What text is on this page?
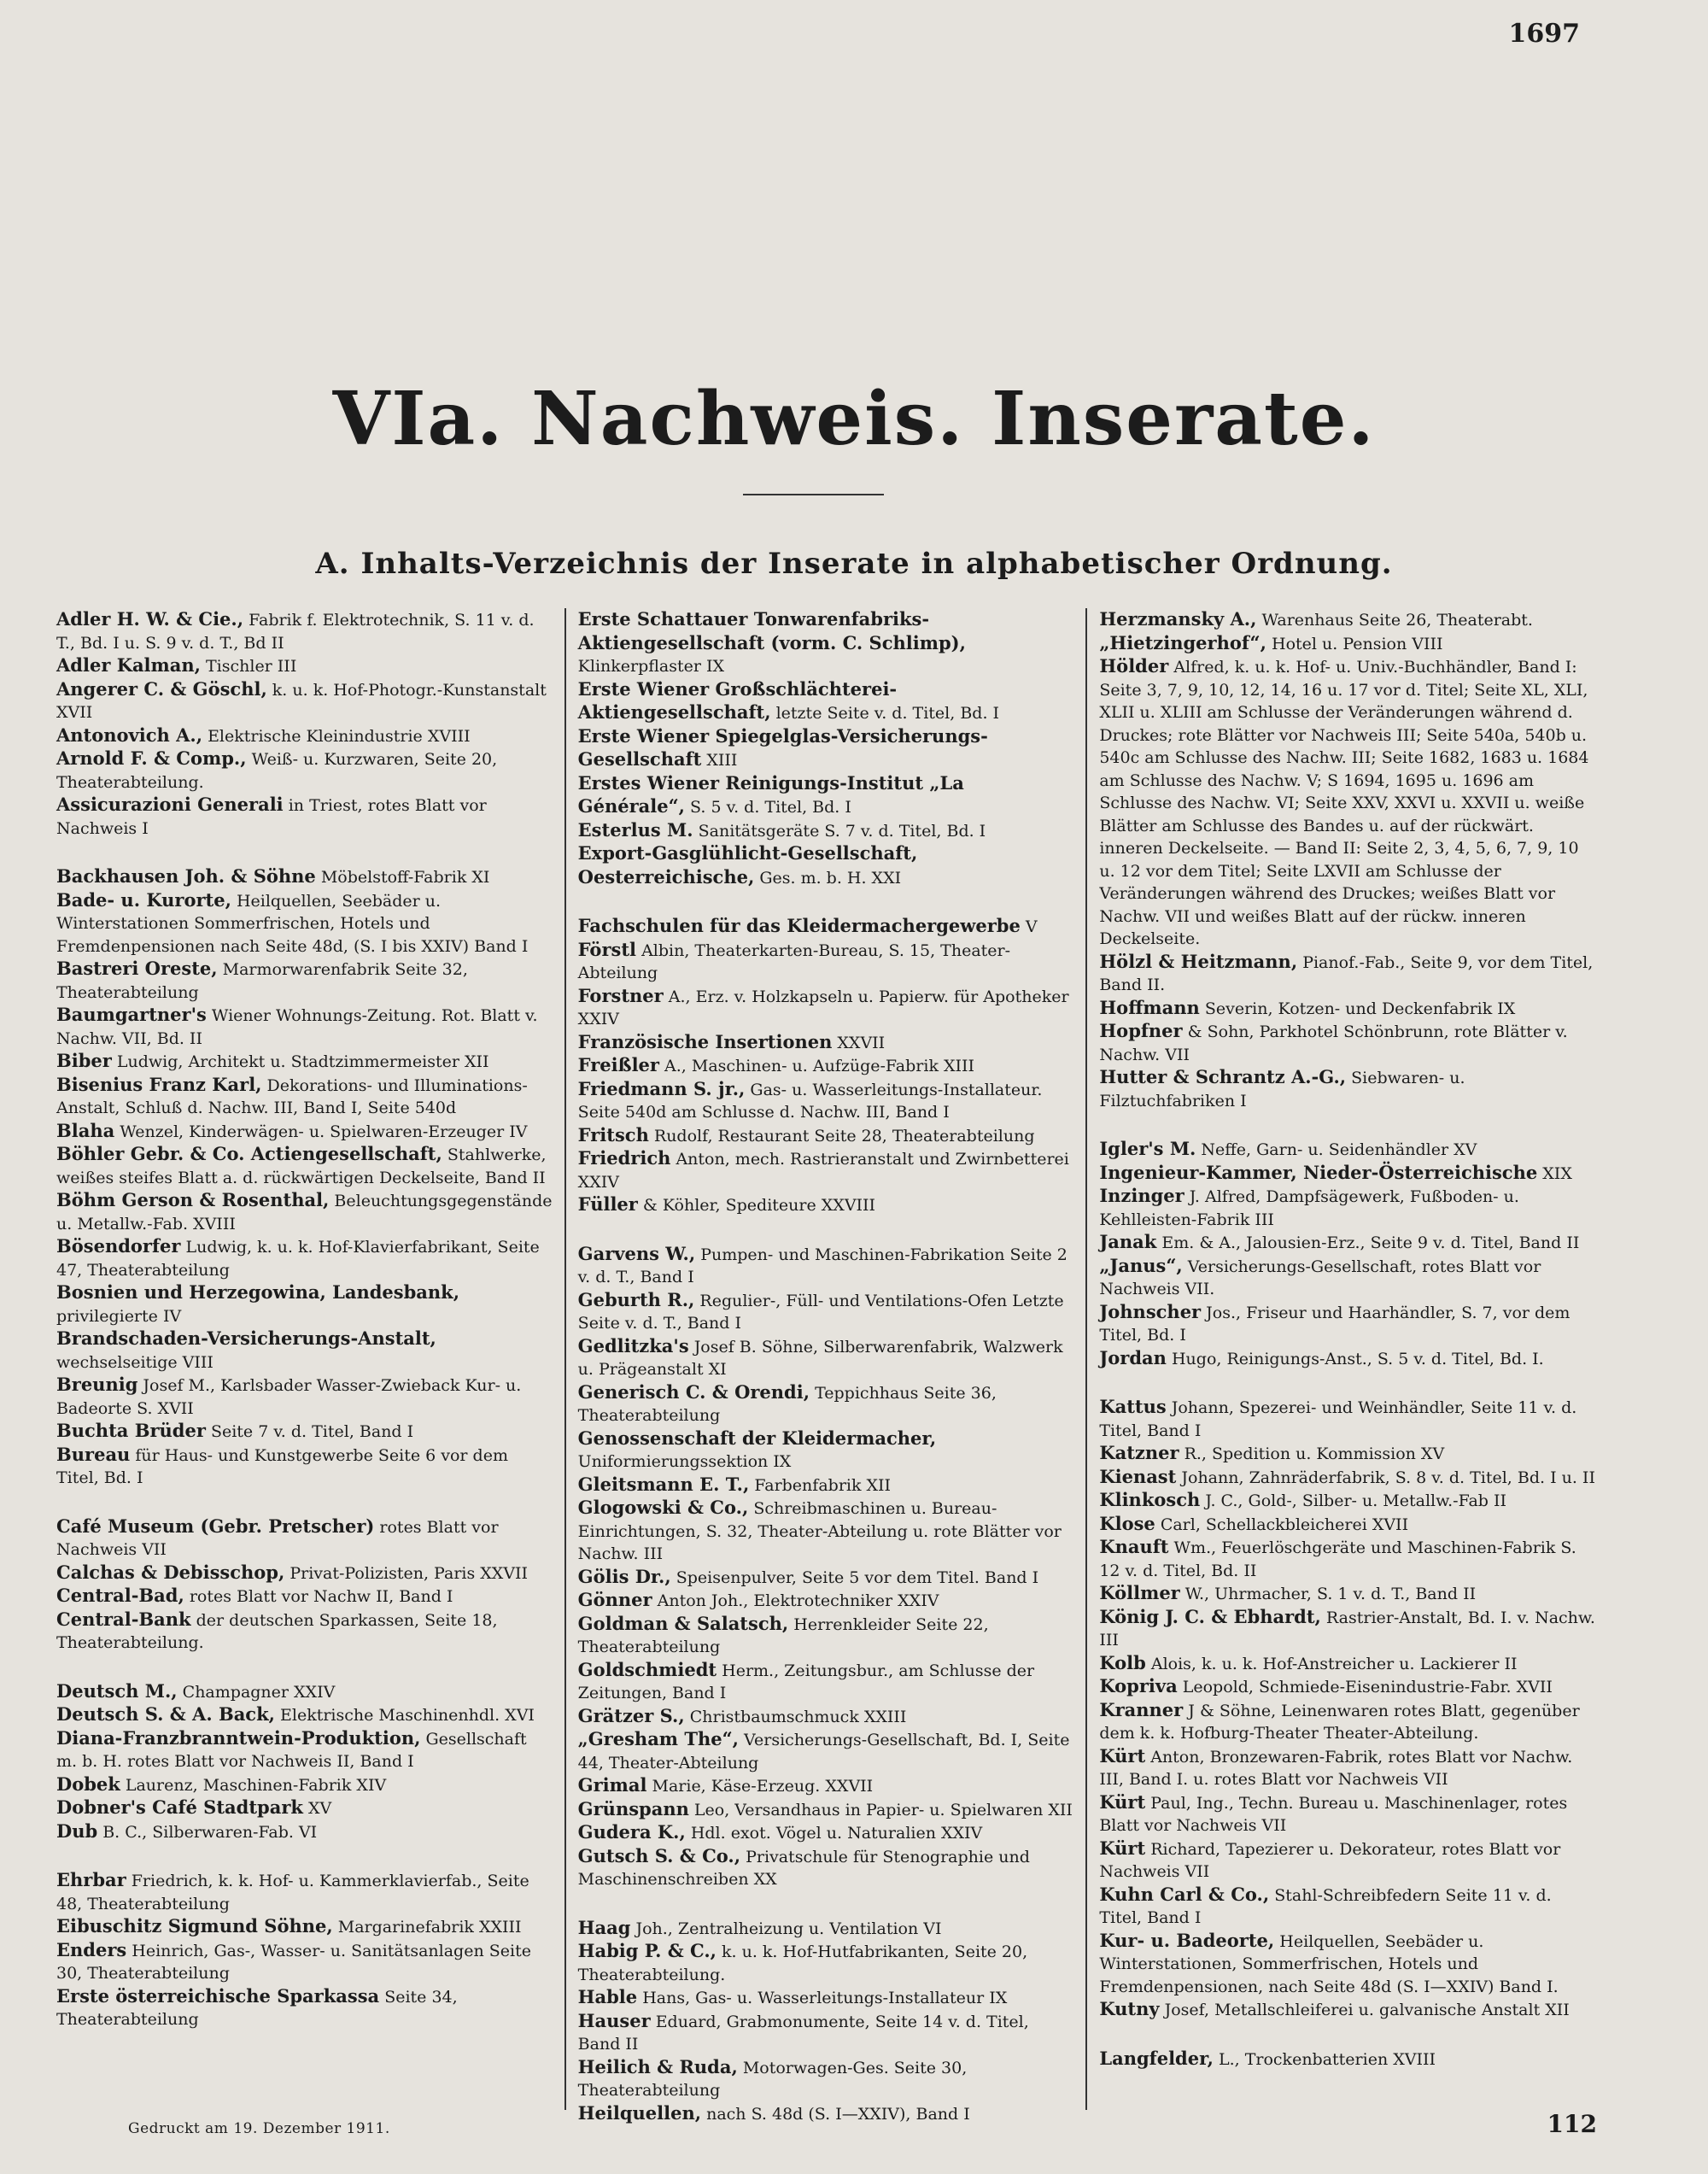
1697
VIa. Nachweis. Inserate.
A. Inhalts-Verzeichnis der Inserate in alphabetischer Ordnung.

Adler H. W. & Cie., Fabrik f. Elektrotechnik, S. 11 v. d. T., Bd. I u. S. 9 v. d. T., Bd II

Adler Kalman, Tischler III

Angerer C. & Göschl, k. u. k. Hof-Photogr.-Kunstanstalt XVII

Antonovich A., Elektrische Kleinindustrie XVIII

Arnold F. & Comp., Weiß- u. Kurzwaren, Seite 20, Theaterabteilung.

Assicurazioni Generali in Triest, rotes Blatt vor Nachweis I

Backhausen Joh. & Söhne Möbelstoff-Fabrik XI

Bade- u. Kurorte, Heilquellen, Seebäder u. Winterstationen Sommerfrischen, Hotels und Fremdenpensionen nach Seite 48d, (S. I bis XXIV) Band I

Bastreri Oreste, Marmorwarenfabrik Seite 32, Theaterabteilung

Baumgartner's Wiener Wohnungs-Zeitung. Rot. Blatt v. Nachw. VII, Bd. II

Biber Ludwig, Architekt u. Stadtzimmermeister XII

Bisenius Franz Karl, Dekorations- und Illuminations-Anstalt, Schluß d. Nachw. III, Band I, Seite 540d

Blaha Wenzel, Kinderwägen- u. Spielwaren-Erzeuger IV

Böhler Gebr. & Co. Actiengesellschaft, Stahlwerke, weißes steifes Blatt a. d. rückwärtigen Deckelseite, Band II

Böhm Gerson & Rosenthal, Beleuchtungsgegenstände u. Metallw.-Fab. XVIII

Bösendorfer Ludwig, k. u. k. Hof-Klavierfabrikant, Seite 47, Theaterabteilung

Bosnien und Herzegowina, Landesbank, privilegierte IV

Brandschaden-Versicherungs-Anstalt, wechselseitige VIII

Breunig Josef M., Karlsbader Wasser-Zwieback Kur- u. Badeorte S. XVII

Buchta Brüder Seite 7 v. d. Titel, Band I

Bureau für Haus- und Kunstgewerbe Seite 6 vor dem Titel, Bd. I

Café Museum (Gebr. Pretscher) rotes Blatt vor Nachweis VII

Calchas & Debisschop, Privat-Polizisten, Paris XXVII

Central-Bad, rotes Blatt vor Nachw II, Band I

Central-Bank der deutschen Sparkassen, Seite 18, Theaterabteilung.

Deutsch M., Champagner XXIV

Deutsch S. & A. Back, Elektrische Maschinenhdl. XVI

Diana-Franzbranntwein-Produktion, Gesellschaft m. b. H. rotes Blatt vor Nachweis II, Band I

Dobek Laurenz, Maschinen-Fabrik XIV

Dobner's Café Stadtpark XV

Dub B. C., Silberwaren-Fab. VI

Ehrbar Friedrich, k. k. Hof- u. Kammerklavierfab., Seite 48, Theaterabteilung

Eibuschitz Sigmund Söhne, Margarinefabrik XXIII

Enders Heinrich, Gas-, Wasser- u. Sanitätsanlagen Seite 30, Theaterabteilung

Erste österreichische Sparkassa Seite 34, Theaterabteilung

Erste Schattauer Tonwarenfabriks-Aktiengesellschaft (vorm. C. Schlimp), Klinkerpflaster IX

Erste Wiener Großschlächterei-Aktiengesellschaft, letzte Seite v. d. Titel, Bd. I

Erste Wiener Spiegelglas-Versicherungs-Gesellschaft XIII

Erstes Wiener Reinigungs-Institut „La Générale“, S. 5 v. d. Titel, Bd. I

Esterlus M. Sanitätsgeräte S. 7 v. d. Titel, Bd. I

Export-Gasglühlicht-Gesellschaft, Oesterreichische, Ges. m. b. H. XXI

Fachschulen für das Kleidermachergewerbe V

Förstl Albin, Theaterkarten-Bureau, S. 15, Theater-Abteilung

Forstner A., Erz. v. Holzkapseln u. Papierw. für Apotheker XXIV

Französische Insertionen XXVII

Freißler A., Maschinen- u. Aufzüge-Fabrik XIII

Friedmann S. jr., Gas- u. Wasserleitungs-Installateur. Seite 540d am Schlusse d. Nachw. III, Band I

Fritsch Rudolf, Restaurant Seite 28, Theaterabteilung

Friedrich Anton, mech. Rastrieranstalt und Zwirnbetterei XXIV

Füller & Köhler, Spediteure XXVIII

Garvens W., Pumpen- und Maschinen-Fabrikation Seite 2 v. d. T., Band I

Geburth R., Regulier-, Füll- und Ventilations-Ofen Letzte Seite v. d. T., Band I

Gedlitzka's Josef B. Söhne, Silberwarenfabrik, Walzwerk u. Prägeanstalt XI

Generisch C. & Orendi, Teppichhaus Seite 36, Theaterabteilung

Genossenschaft der Kleidermacher, Uniformierungssektion IX

Gleitsmann E. T., Farbenfabrik XII

Glogowski & Co., Schreibmaschinen u. Bureau-Einrichtungen, S. 32, Theater-Abteilung u. rote Blätter vor Nachw. III

Gölis Dr., Speisenpulver, Seite 5 vor dem Titel. Band I

Gönner Anton Joh., Elektrotechniker XXIV

Goldman & Salatsch, Herrenkleider Seite 22, Theaterabteilung

Goldschmiedt Herm., Zeitungsbur., am Schlusse der Zeitungen, Band I

Grätzer S., Christbaumschmuck XXIII

„Gresham The“, Versicherungs-Gesellschaft, Bd. I, Seite 44, Theater-Abteilung

Grimal Marie, Käse-Erzeug. XXVII

Grünspann Leo, Versandhaus in Papier- u. Spielwaren XII

Gudera K., Hdl. exot. Vögel u. Naturalien XXIV

Gutsch S. & Co., Privatschule für Stenographie und Maschinenschreiben XX

Haag Joh., Zentralheizung u. Ventilation VI

Habig P. & C., k. u. k. Hof-Hutfabrikanten, Seite 20, Theaterabteilung.

Hable Hans, Gas- u. Wasserleitungs-Installateur IX

Hauser Eduard, Grabmonumente, Seite 14 v. d. Titel, Band II

Heilich & Ruda, Motorwagen-Ges. Seite 30, Theaterabteilung

Heilquellen, nach S. 48d (S. I—XXIV), Band I

Herzmansky A., Warenhaus Seite 26, Theaterabt.

„Hietzingerhof“, Hotel u. Pension VIII

Hölder Alfred, k. u. k. Hof- u. Univ.-Buchhändler, Band I: Seite 3, 7, 9, 10, 12, 14, 16 u. 17 vor d. Titel; Seite XL, XLI, XLII u. XLIII am Schlusse der Veränderungen während d. Druckes; rote Blätter vor Nachweis III; Seite 540a, 540b u. 540c am Schlusse des Nachw. III; Seite 1682, 1683 u. 1684 am Schlusse des Nachw. V; S 1694, 1695 u. 1696 am Schlusse des Nachw. VI; Seite XXV, XXVI u. XXVII u. weiße Blätter am Schlusse des Bandes u. auf der rückwärt. inneren Deckelseite. — Band II: Seite 2, 3, 4, 5, 6, 7, 9, 10 u. 12 vor dem Titel; Seite LXVII am Schlusse der Veränderungen während des Druckes; weißes Blatt vor Nachw. VII und weißes Blatt auf der rückw. inneren Deckelseite.

Hölzl & Heitzmann, Pianof.-Fab., Seite 9, vor dem Titel, Band II.

Hoffmann Severin, Kotzen- und Deckenfabrik IX

Hopfner & Sohn, Parkhotel Schönbrunn, rote Blätter v. Nachw. VII

Hutter & Schrantz A.-G., Siebwaren- u. Filztuchfabriken I

Igler's M. Neffe, Garn- u. Seidenhändler XV

Ingenieur-Kammer, Nieder-Österreichische XIX

Inzinger J. Alfred, Dampfsägewerk, Fußboden- u. Kehlleisten-Fabrik III

Janak Em. & A., Jalousien-Erz., Seite 9 v. d. Titel, Band II

„Janus“, Versicherungs-Gesellschaft, rotes Blatt vor Nachweis VII.

Johnscher Jos., Friseur und Haarhändler, S. 7, vor dem Titel, Bd. I

Jordan Hugo, Reinigungs-Anst., S. 5 v. d. Titel, Bd. I.

Kattus Johann, Spezerei- und Weinhändler, Seite 11 v. d. Titel, Band I

Katzner R., Spedition u. Kommission XV

Kienast Johann, Zahnräderfabrik, S. 8 v. d. Titel, Bd. I u. II

Klinkosch J. C., Gold-, Silber- u. Metallw.-Fab II

Klose Carl, Schellackbleicherei XVII

Knauft Wm., Feuerlöschgeräte und Maschinen-Fabrik S. 12 v. d. Titel, Bd. II

Köllmer W., Uhrmacher, S. 1 v. d. T., Band II

König J. C. & Ebhardt, Rastrier-Anstalt, Bd. I. v. Nachw. III

Kolb Alois, k. u. k. Hof-Anstreicher u. Lackierer II

Kopriva Leopold, Schmiede-Eisenindustrie-Fabr. XVII

Kranner J & Söhne, Leinenwaren rotes Blatt, gegenüber dem k. k. Hofburg-Theater Theater-Abteilung.

Kürt Anton, Bronzewaren-Fabrik, rotes Blatt vor Nachw. III, Band I. u. rotes Blatt vor Nachweis VII

Kürt Paul, Ing., Techn. Bureau u. Maschinenlager, rotes Blatt vor Nachweis VII

Kürt Richard, Tapezierer u. Dekorateur, rotes Blatt vor Nachweis VII

Kuhn Carl & Co., Stahl-Schreibfedern Seite 11 v. d. Titel, Band I

Kur- u. Badeorte, Heilquellen, Seebäder u. Winterstationen, Sommerfrischen, Hotels und Fremdenpensionen, nach Seite 48d (S. I—XXIV) Band I.

Kutny Josef, Metallschleiferei u. galvanische Anstalt XII

Langfelder, L., Trockenbatterien XVIII

Gedruckt am 19. Dezember 1911.	112
